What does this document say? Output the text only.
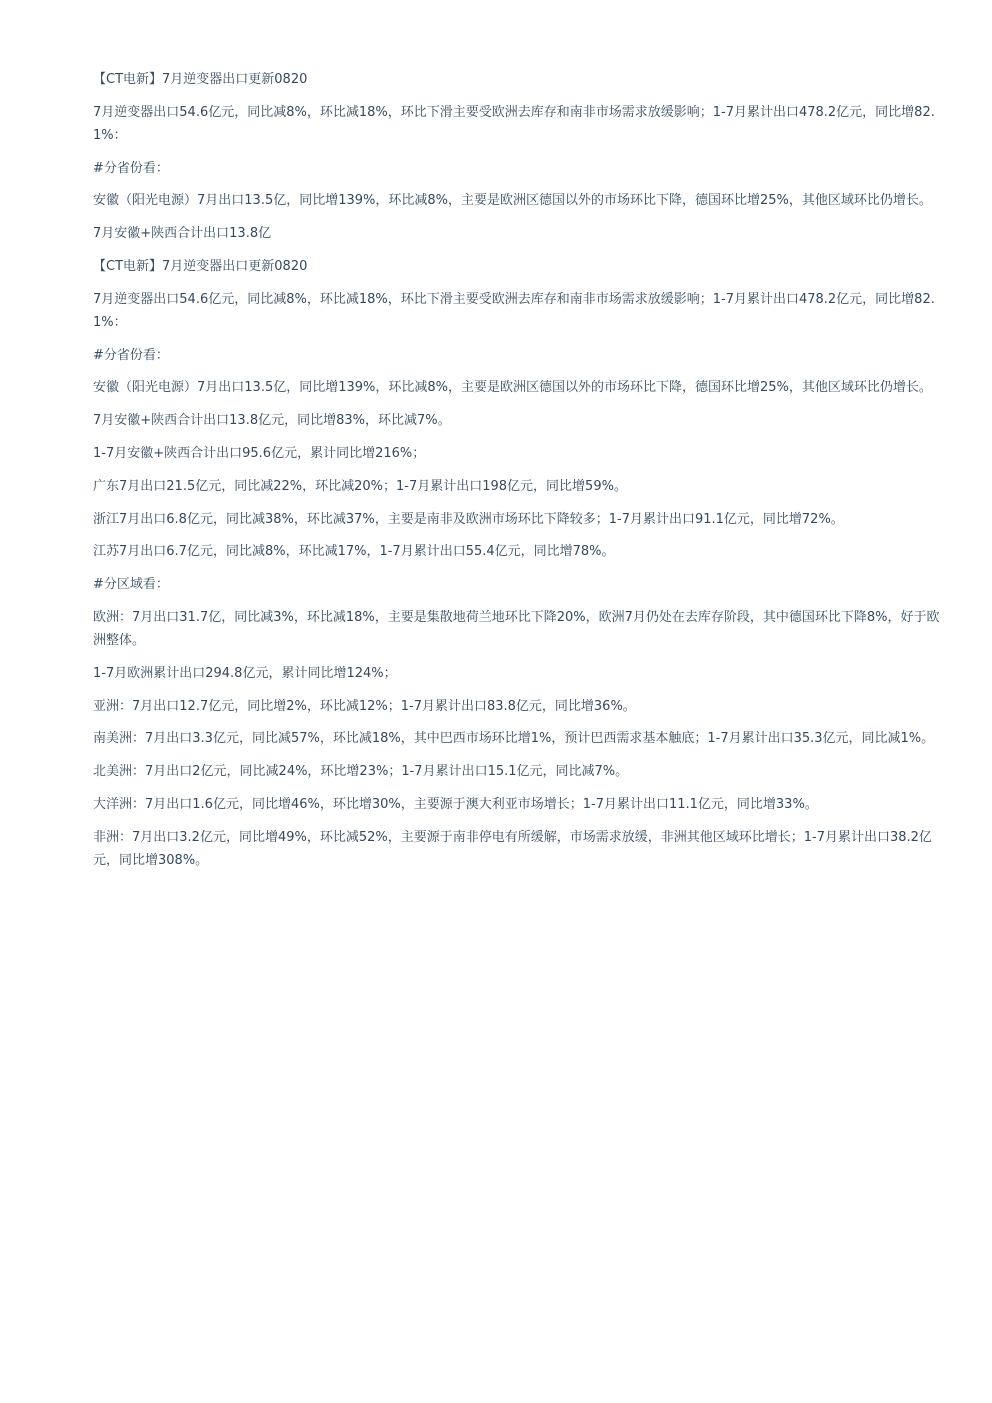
【CT电新】7月逆变器出口更新0820

7月逆变器出口54.6亿元，同比减8%，环比减18%，环比下滑主要受欧洲去库存和南非市场需求放缓影响；1-7月累计出口478.2亿元，同比增82.1%：

#分省份看：

安徽（阳光电源）7月出口13.5亿，同比增139%，环比减8%，主要是欧洲区德国以外的市场环比下降，德国环比增25%，其他区域环比仍增长。

7月安徽+陕西合计出口13.8亿

【CT电新】7月逆变器出口更新0820

7月逆变器出口54.6亿元，同比减8%，环比减18%，环比下滑主要受欧洲去库存和南非市场需求放缓影响；1-7月累计出口478.2亿元，同比增82.1%：

#分省份看：

安徽（阳光电源）7月出口13.5亿，同比增139%，环比减8%，主要是欧洲区德国以外的市场环比下降，德国环比增25%，其他区域环比仍增长。

7月安徽+陕西合计出口13.8亿元，同比增83%，环比减7%。

1-7月安徽+陕西合计出口95.6亿元，累计同比增216%；

广东7月出口21.5亿元，同比减22%，环比减20%；1-7月累计出口198亿元，同比增59%。

浙江7月出口6.8亿元，同比减38%，环比减37%，主要是南非及欧洲市场环比下降较多；1-7月累计出口91.1亿元，同比增72%。

江苏7月出口6.7亿元，同比减8%，环比减17%，1-7月累计出口55.4亿元，同比增78%。

#分区域看：

欧洲：7月出口31.7亿，同比减3%，环比减18%，主要是集散地荷兰地环比下降20%，欧洲7月仍处在去库存阶段，其中德国环比下降8%，好于欧洲整体。

1-7月欧洲累计出口294.8亿元，累计同比增124%；

亚洲：7月出口12.7亿元，同比增2%，环比减12%；1-7月累计出口83.8亿元，同比增36%。

南美洲：7月出口3.3亿元，同比减57%，环比减18%，其中巴西市场环比增1%，预计巴西需求基本触底；1-7月累计出口35.3亿元，同比减1%。

北美洲：7月出口2亿元，同比减24%，环比增23%；1-7月累计出口15.1亿元，同比减7%。

大洋洲：7月出口1.6亿元，同比增46%，环比增30%，主要源于澳大利亚市场增长；1-7月累计出口11.1亿元，同比增33%。

非洲：7月出口3.2亿元，同比增49%，环比减52%，主要源于南非停电有所缓解，市场需求放缓，非洲其他区域环比增长；1-7月累计出口38.2亿元，同比增308%。
